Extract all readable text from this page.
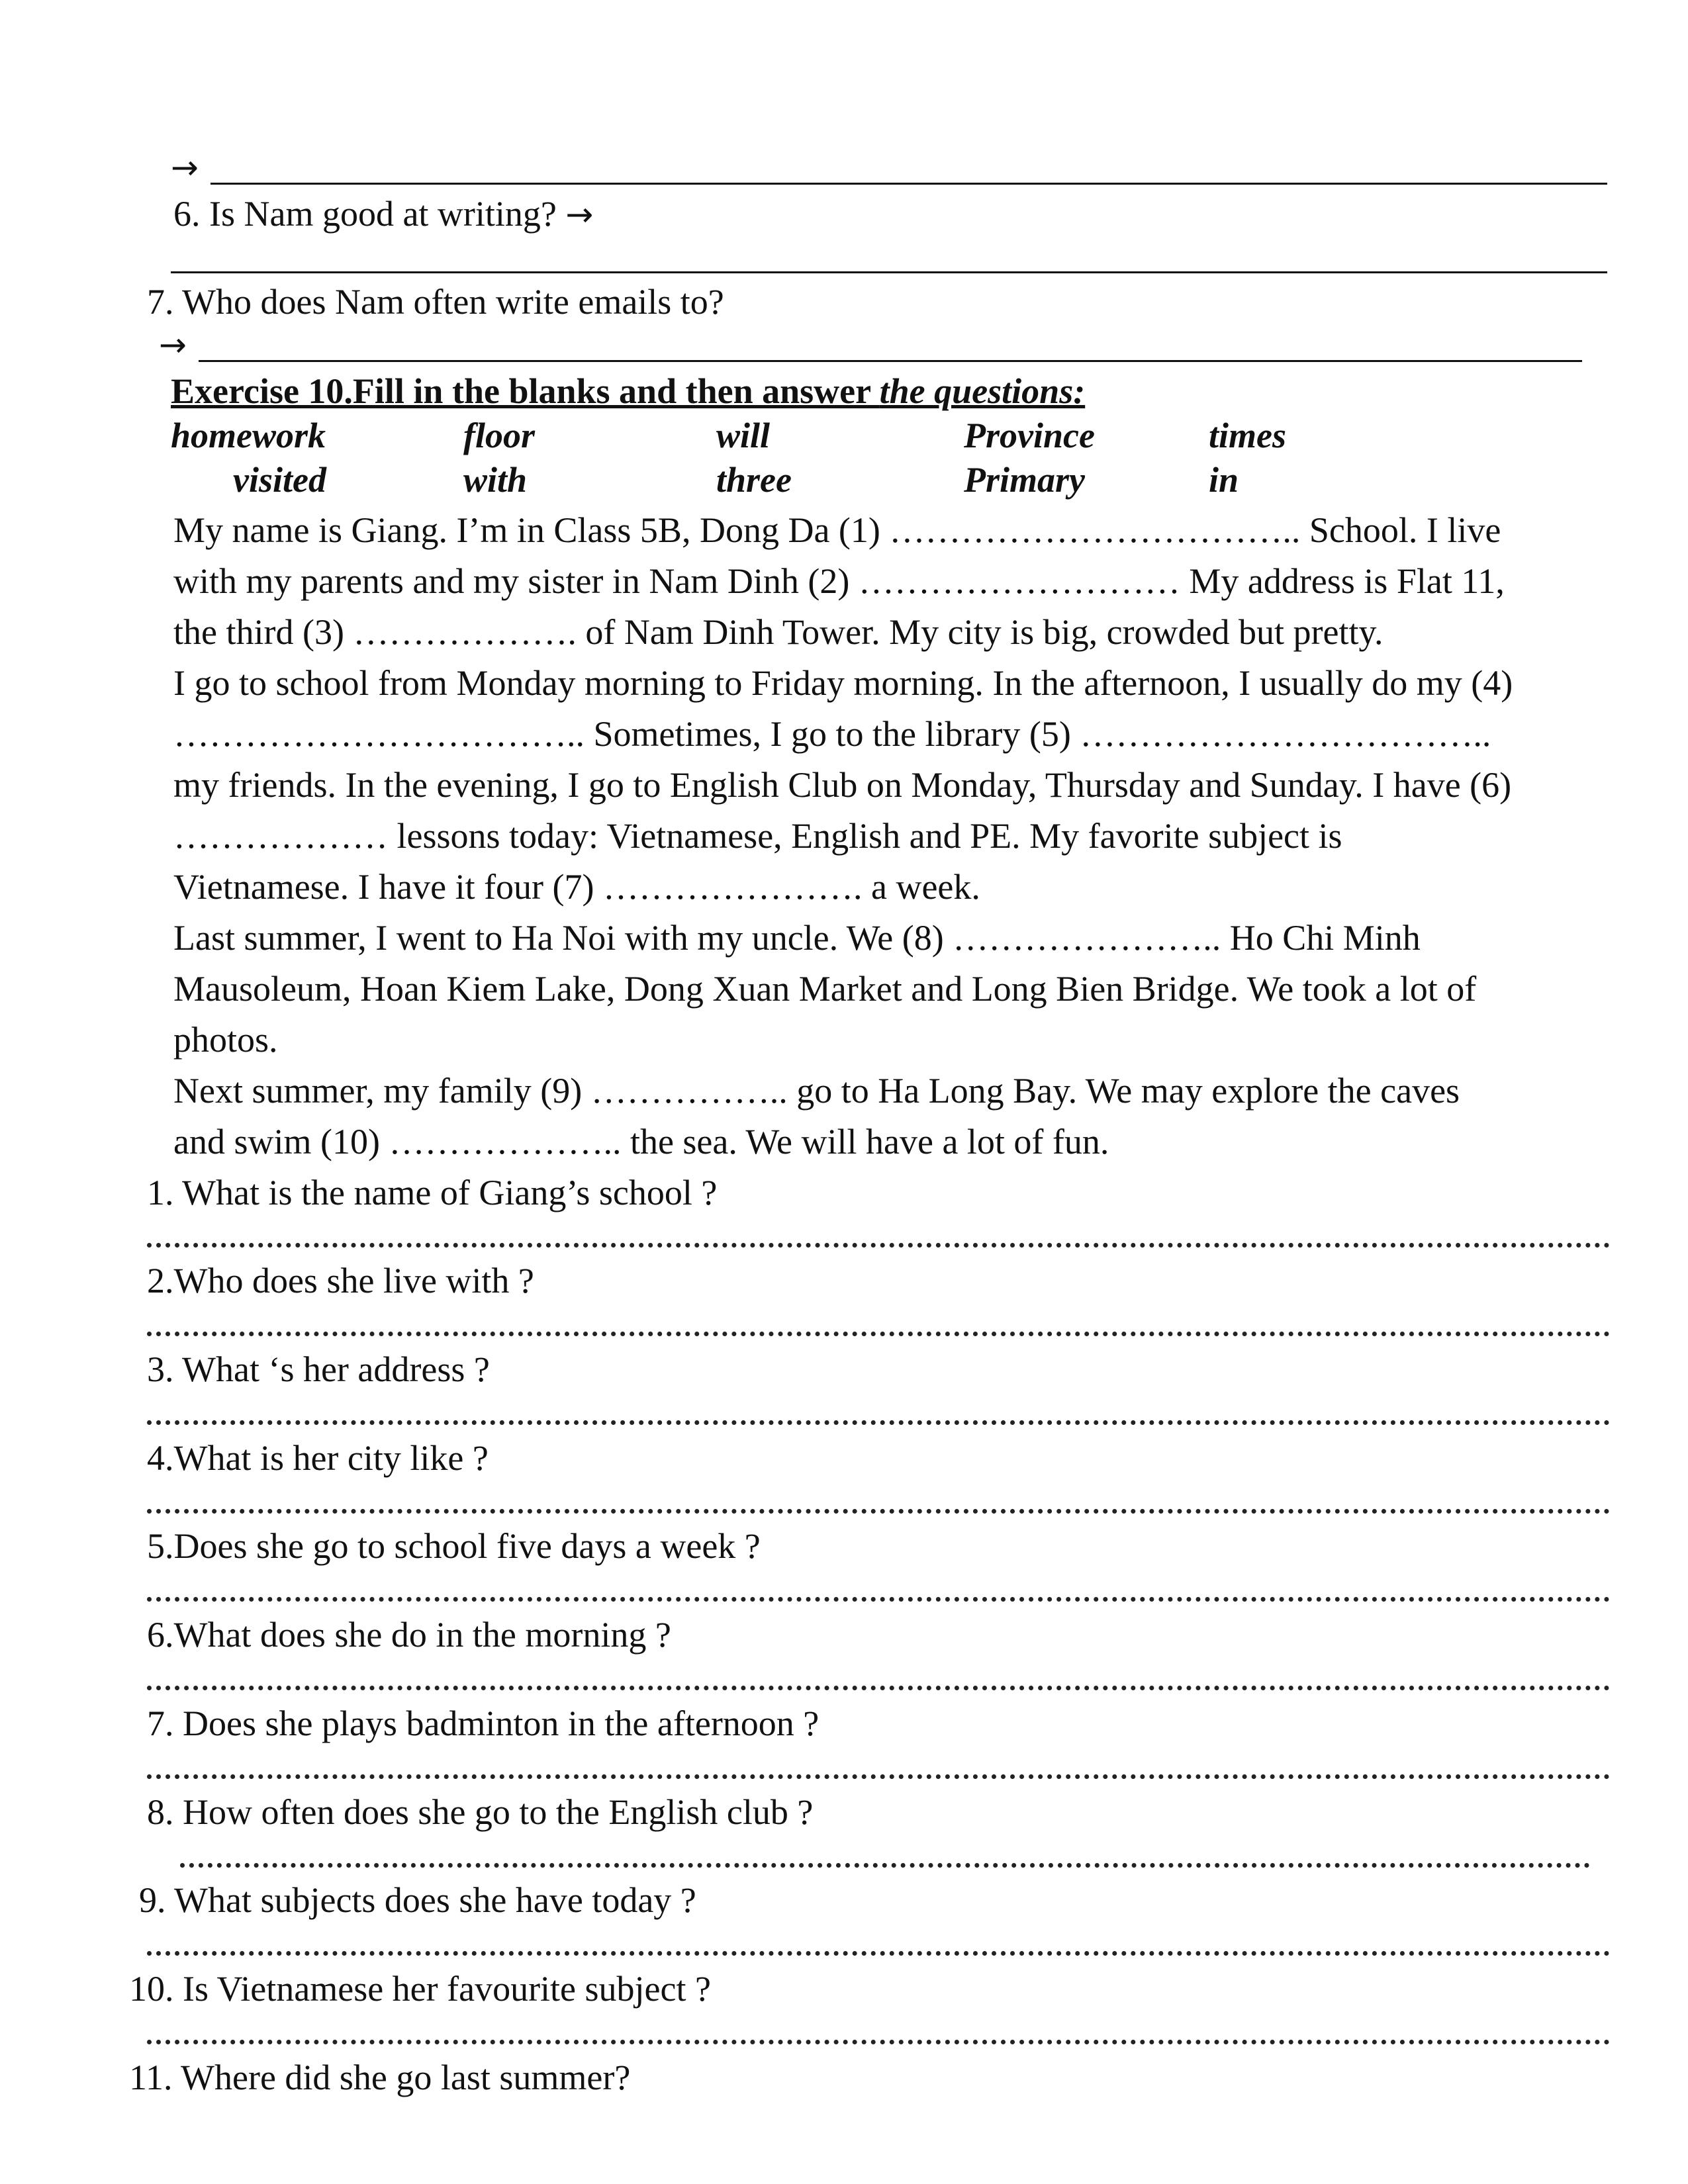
→
6. Is Nam good at writing? →
7. Who does Nam often write emails to?
→
Exercise 10.Fill in the blanks and then answer the questions:
homework	floor	will	Province	times
visited	with	three	Primary	in
My name is Giang. I’m in Class 5B, Dong Da (1) …………………………….. School. I live
with my parents and my sister in Nam Dinh (2) ……………………… My address is Flat 11,
the third (3) ………………. of Nam Dinh Tower. My city is big, crowded but pretty.
I go to school from Monday morning to Friday morning. In the afternoon, I usually do my (4)
…………………………….. Sometimes, I go to the library (5) ……………………………..
my friends. In the evening, I go to English Club on Monday, Thursday and Sunday. I have (6)
……………… lessons today: Vietnamese, English and PE. My favorite subject is
Vietnamese. I have it four (7) …………………. a week.
Last summer, I went to Ha Noi with my uncle. We (8) ………………….. Ho Chi Minh
Mausoleum, Hoan Kiem Lake, Dong Xuan Market and Long Bien Bridge. We took a lot of
photos.
Next summer, my family (9) …………….. go to Ha Long Bay. We may explore the caves
and swim (10) ……………….. the sea. We will have a lot of fun.
1. What is the name of Giang’s school ?
2.Who does she live with ?
3. What ‘s her address ?
4.What is her city like ?
5.Does she go to school five days a week ?
6.What does she do in the morning ?
7. Does she plays badminton in the afternoon ?
8. How often does she go to the English club ?
9. What subjects does she have today ?
10. Is Vietnamese her favourite subject ?
11. Where did she go last summer?
